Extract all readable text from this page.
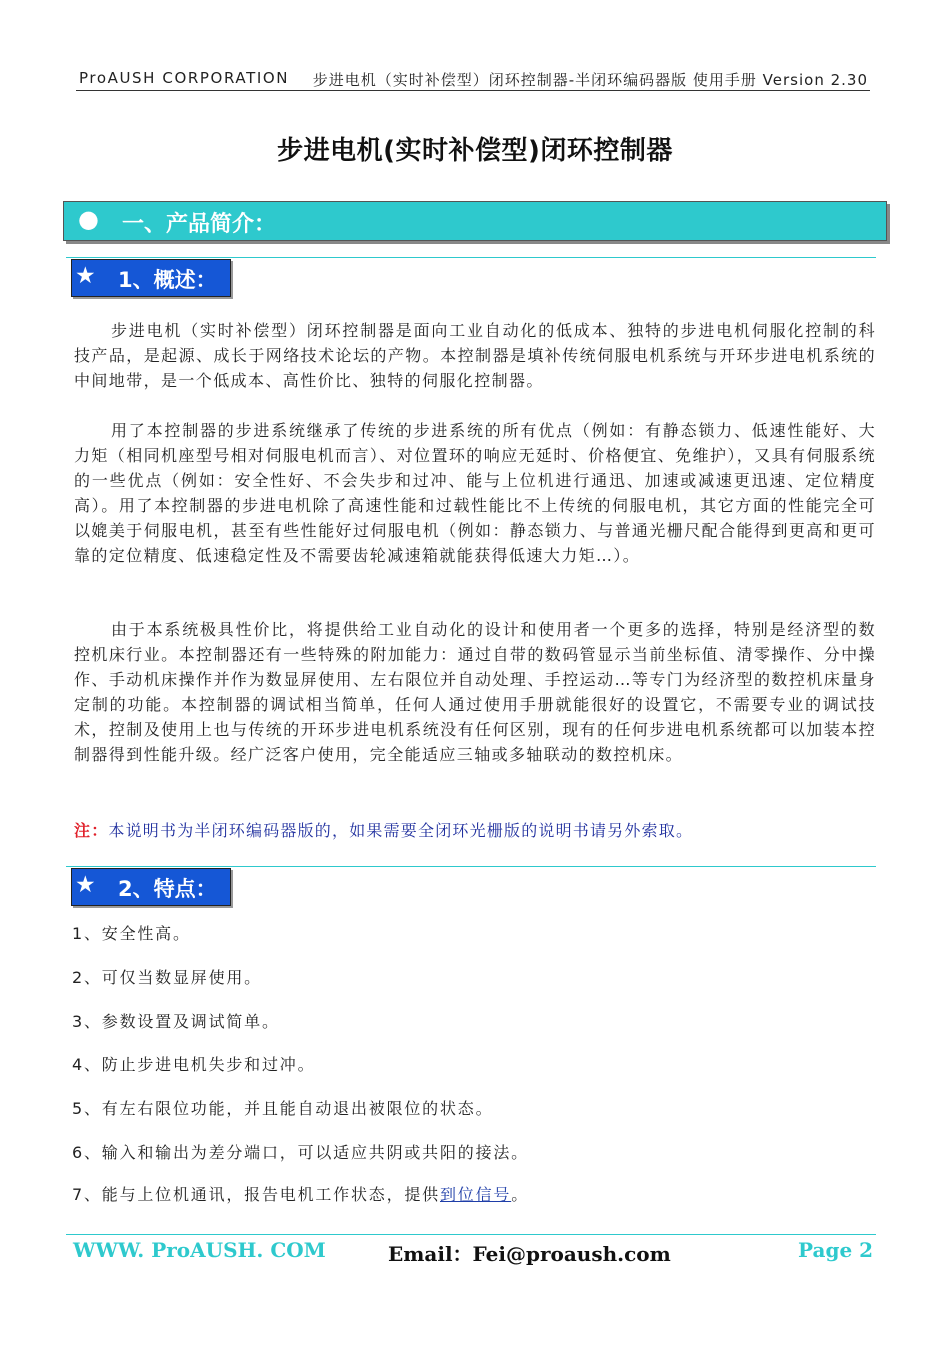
ProAUSH CORPORATION 步进电机（实时补偿型）闭环控制器-半闭环编码器版 使用手册 Version 2.30
步进电机(实时补偿型)闭环控制器
● 一、产品简介：
★ 1、概述：

步进电机（实时补偿型）闭环控制器是面向工业自动化的低成本、独特的步进电机伺服化控制的科技产品，是起源、成长于网络技术论坛的产物。本控制器是填补传统伺服电机系统与开环步进电机系统的中间地带，是一个低成本、高性价比、独特的伺服化控制器。

用了本控制器的步进系统继承了传统的步进系统的所有优点（例如：有静态锁力、低速性能好、大力矩（相同机座型号相对伺服电机而言）、对位置环的响应无延时、价格便宜、免维护），又具有伺服系统的一些优点（例如：安全性好、不会失步和过冲、能与上位机进行通迅、加速或减速更迅速、定位精度高）。用了本控制器的步进电机除了高速性能和过载性能比不上传统的伺服电机，其它方面的性能完全可以媲美于伺服电机，甚至有些性能好过伺服电机（例如：静态锁力、与普通光栅尺配合能得到更高和更可靠的定位精度、低速稳定性及不需要齿轮减速箱就能获得低速大力矩…）。

由于本系统极具性价比，将提供给工业自动化的设计和使用者一个更多的选择，特别是经济型的数控机床行业。本控制器还有一些特殊的附加能力：通过自带的数码管显示当前坐标值、清零操作、分中操作、手动机床操作并作为数显屏使用、左右限位并自动处理、手控运动…等专门为经济型的数控机床量身定制的功能。本控制器的调试相当简单，任何人通过使用手册就能很好的设置它，不需要专业的调试技术，控制及使用上也与传统的开环步进电机系统没有任何区别，现有的任何步进电机系统都可以加装本控制器得到性能升级。经广泛客户使用，完全能适应三轴或多轴联动的数控机床。

注：本说明书为半闭环编码器版的，如果需要全闭环光栅版的说明书请另外索取。
★ 2、特点：
1、安全性高。
2、可仅当数显屏使用。
3、参数设置及调试简单。
4、防止步进电机失步和过冲。
5、有左右限位功能，并且能自动退出被限位的状态。
6、输入和输出为差分端口，可以适应共阴或共阳的接法。
7、能与上位机通讯，报告电机工作状态，提供到位信号。
WWW. ProAUSH. COM	Email：Fei@proaush.com	Page 2
